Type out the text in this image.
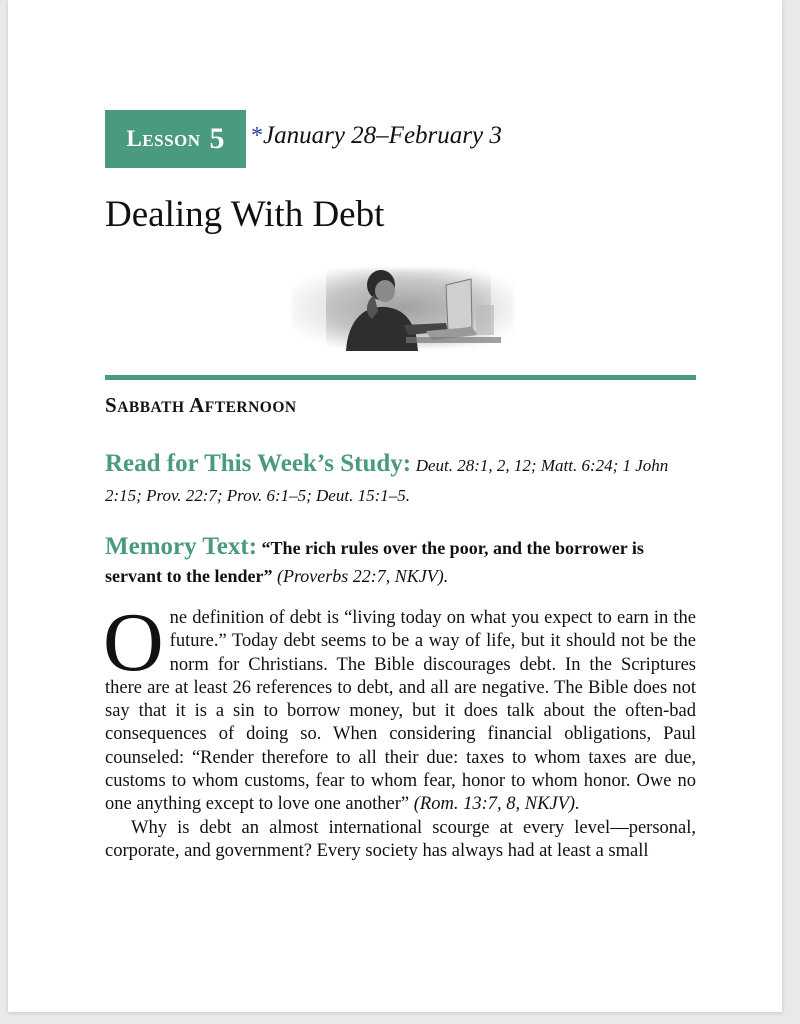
LESSON 5 *January 28–February 3
Dealing With Debt
SABBATH AFTERNOON
Read for This Week’s Study: Deut. 28:1, 2, 12; Matt. 6:24; 1 John 2:15; Prov. 22:7; Prov. 6:1–5; Deut. 15:1–5.
Memory Text: “The rich rules over the poor, and the borrower is servant to the lender” (Proverbs 22:7, NKJV).

One definition of debt is “living today on what you expect to earn in the future.” Today debt seems to be a way of life, but it should not be the norm for Christians. The Bible discourages debt. In the Scriptures there are at least 26 references to debt, and all are negative. The Bible does not say that it is a sin to borrow money, but it does talk about the often-bad consequences of doing so. When considering financial obligations, Paul counseled: “Render therefore to all their due: taxes to whom taxes are due, customs to whom customs, fear to whom fear, honor to whom honor. Owe no one anything except to love one another” (Rom. 13:7, 8, NKJV).

Why is debt an almost international scourge at every level—personal, corporate, and government? Every society has always had at least a small
